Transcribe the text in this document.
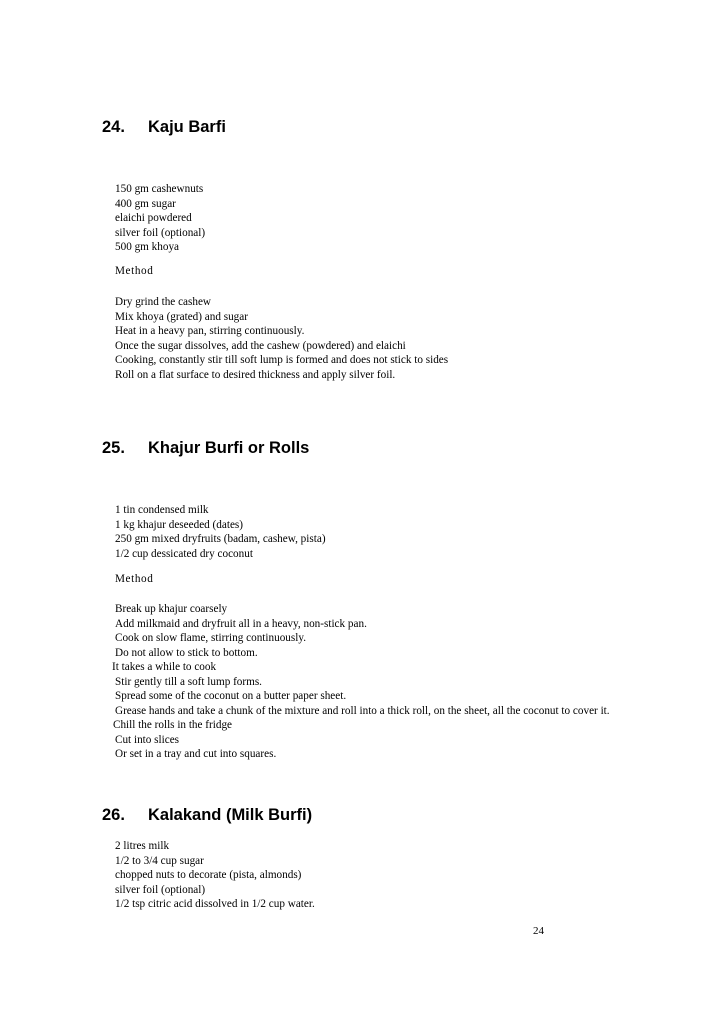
24. Kaju Barfi
150 gm cashewnuts
400 gm sugar
elaichi powdered
silver foil (optional)
500 gm khoya
Method
Dry grind the cashew
Mix khoya (grated) and sugar
Heat in a heavy pan, stirring continuously.
Once the sugar dissolves, add the cashew (powdered) and elaichi
Cooking, constantly stir till soft lump is formed and does not stick to sides
Roll on a flat surface to desired thickness and apply silver foil.
25. Khajur Burfi or Rolls
1 tin condensed milk
1 kg khajur deseeded (dates)
250 gm mixed dryfruits (badam, cashew, pista)
1/2 cup dessicated dry coconut
Method
Break up khajur coarsely
Add milkmaid and dryfruit all in a heavy, non-stick pan.
Cook on slow flame, stirring continuously.
Do not allow to stick to bottom.
It takes a while to cook
Stir gently till a soft lump forms.
Spread some of the coconut on a butter paper sheet.
Grease hands and take a chunk of the mixture and roll into a thick roll, on the sheet, all the coconut to cover it.
Chill the rolls in the fridge
Cut into slices
Or set in a tray and cut into squares.
26. Kalakand (Milk Burfi)
2 litres milk
1/2 to 3/4 cup sugar
chopped nuts to decorate (pista, almonds)
silver foil (optional)
1/2 tsp citric acid dissolved in 1/2 cup water.
24
